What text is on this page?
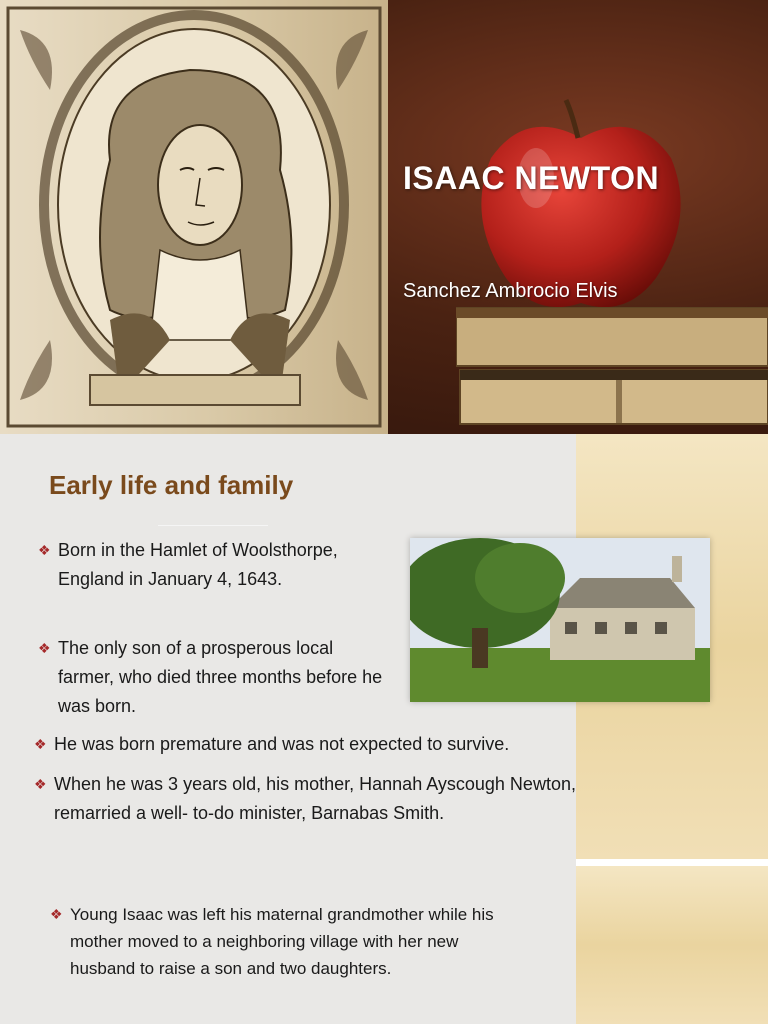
ISAAC NEWTON

Sanchez Ambrocio Elvis

Early life and family

❖ Born in the Hamlet of Woolsthorpe, England in January 4, 1643.

❖ The only son of a prosperous local farmer, who died three months before he was born.

❖ He was born premature and was not expected to survive.

❖ When he was 3 years old, his mother, Hannah Ayscough Newton, remarried a well- to-do minister, Barnabas Smith.

❖ Young Isaac was left his maternal grandmother while his mother moved to a neighboring village with her new husband to raise a son and two daughters.
